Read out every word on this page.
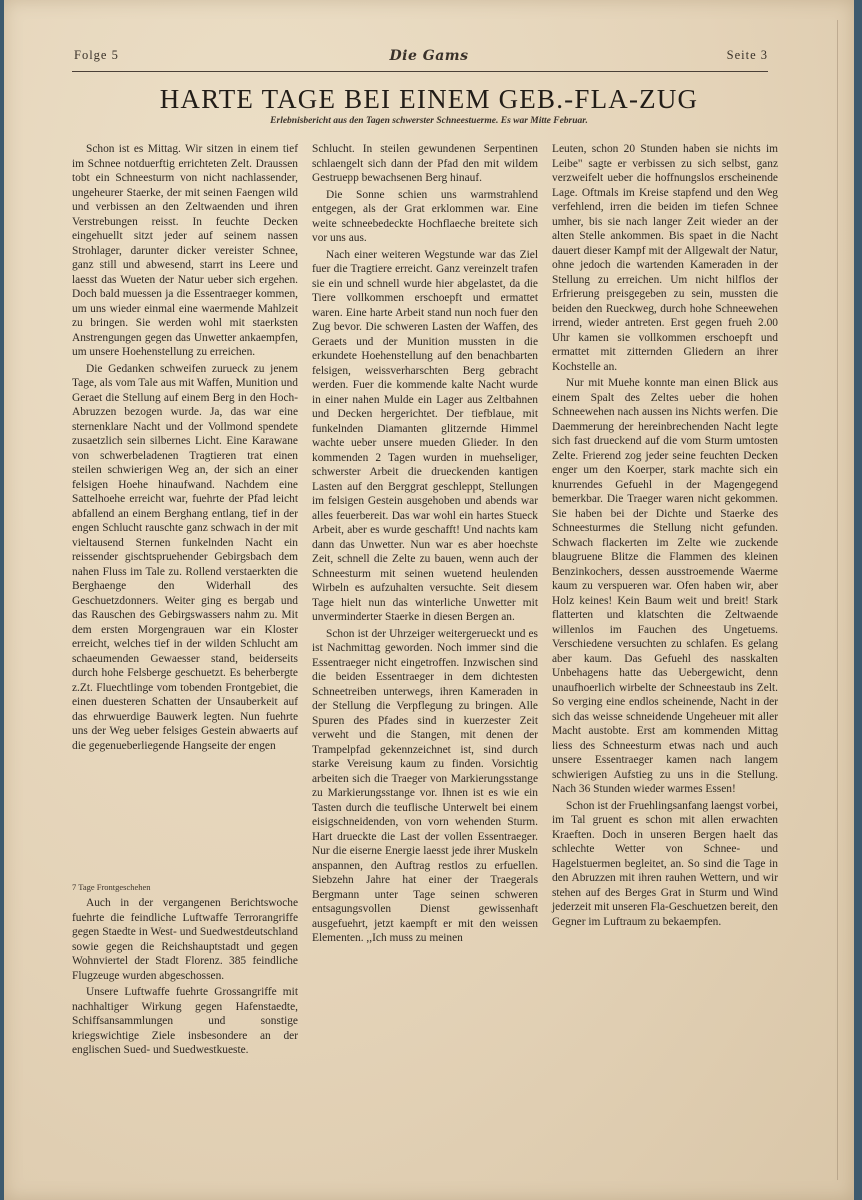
Folge 5	Die Gams	Seite 3
HARTE TAGE BEI EINEM GEB.-FLA-ZUG
Erlebnisbericht aus den Tagen schwerster Schneestuerme. Es war Mitte Februar.

Schon ist es Mittag. Wir sitzen in einem tief im Schnee notduerftig errichteten Zelt. Draussen tobt ein Schneesturm von nicht nachlassender, ungeheurer Staerke, der mit seinen Faengen wild und verbissen an den Zeltwaenden und ihren Verstrebungen reisst. In feuchte Decken eingehuellt sitzt jeder auf seinem nassen Strohlager, darunter dicker vereister Schnee, ganz still und abwesend, starrt ins Leere und laesst das Wueten der Natur ueber sich ergehen. Doch bald muessen ja die Essentraeger kommen, um uns wieder einmal eine waermende Mahlzeit zu bringen. Sie werden wohl mit staerksten Anstrengungen gegen das Unwetter ankaempfen, um unsere Hoehenstellung zu erreichen.

Die Gedanken schweifen zurueck zu jenem Tage, als vom Tale aus mit Waffen, Munition und Geraet die Stellung auf einem Berg in den Hoch-Abruzzen bezogen wurde. Ja, das war eine sternenklare Nacht und der Vollmond spendete zusaetzlich sein silbernes Licht. Eine Karawane von schwerbeladenen Tragtieren trat einen steilen schwierigen Weg an, der sich an einer felsigen Hoehe hinaufwand. Nachdem eine Sattelhoehe erreicht war, fuehrte der Pfad leicht abfallend an einem Berghang entlang, tief in der engen Schlucht rauschte ganz schwach in der mit vieltausend Sternen funkelnden Nacht ein reissender gischtspruehender Gebirgsbach dem nahen Fluss im Tale zu. Rollend verstaerkten die Berghaenge den Widerhall des Geschuetzdonners. Weiter ging es bergab und das Rauschen des Gebirgswassers nahm zu. Mit dem ersten Morgengrauen war ein Kloster erreicht, welches tief in der wilden Schlucht am schaeumenden Gewaesser stand, beiderseits durch hohe Felsberge geschuetzt. Es beherbergte z.Zt. Fluechtlinge vom tobenden Frontgebiet, die einen duesteren Schatten der Unsauberkeit auf das ehrwuerdige Bauwerk legten. Nun fuehrte uns der Weg ueber felsiges Gestein abwaerts auf die gegenueberliegende Hangseite der engen

7 Tage Frontgeschehen

Auch in der vergangenen Berichtswoche fuehrte die feindliche Luftwaffe Terrorangriffe gegen Staedte in West- und Suedwestdeutschland sowie gegen die Reichshauptstadt und gegen Wohnviertel der Stadt Florenz. 385 feindliche Flugzeuge wurden abgeschossen.

Unsere Luftwaffe fuehrte Grossangriffe mit nachhaltiger Wirkung gegen Hafenstaedte, Schiffsansammlungen und sonstige kriegswichtige Ziele insbesondere an der englischen Sued- und Suedwestkueste.

Schlucht. In steilen gewundenen Serpentinen schlaengelt sich dann der Pfad den mit wildem Gestruepp bewachsenen Berg hinauf.

Die Sonne schien uns warmstrahlend entgegen, als der Grat erklommen war. Eine weite schneebedeckte Hochflaeche breitete sich vor uns aus.

Nach einer weiteren Wegstunde war das Ziel fuer die Tragtiere erreicht. Ganz vereinzelt trafen sie ein und schnell wurde hier abgelastet, da die Tiere vollkommen erschoepft und ermattet waren. Eine harte Arbeit stand nun noch fuer den Zug bevor. Die schweren Lasten der Waffen, des Geraets und der Munition mussten in die erkundete Hoehenstellung auf den benachbarten felsigen, weissverharschten Berg gebracht werden. Fuer die kommende kalte Nacht wurde in einer nahen Mulde ein Lager aus Zeltbahnen und Decken hergerichtet. Der tiefblaue, mit funkelnden Diamanten glitzernde Himmel wachte ueber unsere mueden Glieder. In den kommenden 2 Tagen wurden in muehseliger, schwerster Arbeit die drueckenden kantigen Lasten auf den Berggrat geschleppt, Stellungen im felsigen Gestein ausgehoben und abends war alles feuerbereit. Das war wohl ein hartes Stueck Arbeit, aber es wurde geschafft! Und nachts kam dann das Unwetter. Nun war es aber hoechste Zeit, schnell die Zelte zu bauen, wenn auch der Schneesturm mit seinen wuetend heulenden Wirbeln es aufzuhalten versuchte. Seit diesem Tage hielt nun das winterliche Unwetter mit unverminderter Staerke in diesen Bergen an.

Schon ist der Uhrzeiger weitergerueckt und es ist Nachmittag geworden. Noch immer sind die Essentraeger nicht eingetroffen. Inzwischen sind die beiden Essentraeger in dem dichtesten Schneetreiben unterwegs, ihren Kameraden in der Stellung die Verpflegung zu bringen. Alle Spuren des Pfades sind in kuerzester Zeit verweht und die Stangen, mit denen der Trampelpfad gekennzeichnet ist, sind durch starke Vereisung kaum zu finden. Vorsichtig arbeiten sich die Traeger von Markierungsstange zu Markierungsstange vor. Ihnen ist es wie ein Tasten durch die teuflische Unterwelt bei einem eisigschneidenden, von vorn wehenden Sturm. Hart drueckte die Last der vollen Essentraeger. Nur die eiserne Energie laesst jede ihrer Muskeln anspannen, den Auftrag restlos zu erfuellen. Siebzehn Jahre hat einer der Traegerals Bergmann unter Tage seinen schweren entsagungsvollen Dienst gewissenhaft ausgefuehrt, jetzt kaempft er mit den weissen Elementen. ,,Ich muss zu meinen

Leuten, schon 20 Stunden haben sie nichts im Leibe" sagte er verbissen zu sich selbst, ganz verzweifelt ueber die hoffnungslos erscheinende Lage. Oftmals im Kreise stapfend und den Weg verfehlend, irren die beiden im tiefen Schnee umher, bis sie nach langer Zeit wieder an der alten Stelle ankommen. Bis spaet in die Nacht dauert dieser Kampf mit der Allgewalt der Natur, ohne jedoch die wartenden Kameraden in der Stellung zu erreichen. Um nicht hilflos der Erfrierung preisgegeben zu sein, mussten die beiden den Rueckweg, durch hohe Schneewehen irrend, wieder antreten. Erst gegen frueh 2.00 Uhr kamen sie vollkommen erschoepft und ermattet mit zitternden Gliedern an ihrer Kochstelle an.

Nur mit Muehe konnte man einen Blick aus einem Spalt des Zeltes ueber die hohen Schneewehen nach aussen ins Nichts werfen. Die Daemmerung der hereinbrechenden Nacht legte sich fast drueckend auf die vom Sturm umtosten Zelte. Frierend zog jeder seine feuchten Decken enger um den Koerper, stark machte sich ein knurrendes Gefuehl in der Magengegend bemerkbar. Die Traeger waren nicht gekommen. Sie haben bei der Dichte und Staerke des Schneesturmes die Stellung nicht gefunden. Schwach flackerten im Zelte wie zuckende blaugruene Blitze die Flammen des kleinen Benzinkochers, dessen ausstroemende Waerme kaum zu verspueren war. Ofen haben wir, aber Holz keines! Kein Baum weit und breit! Stark flatterten und klatschten die Zeltwaende willenlos im Fauchen des Ungetuems. Verschiedene versuchten zu schlafen. Es gelang aber kaum. Das Gefuehl des nasskalten Unbehagens hatte das Uebergewicht, denn unaufhoerlich wirbelte der Schneestaub ins Zelt. So verging eine endlos scheinende, Nacht in der sich das weisse schneidende Ungeheuer mit aller Macht austobte. Erst am kommenden Mittag liess des Schneesturm etwas nach und auch unsere Essentraeger kamen nach langem schwierigen Aufstieg zu uns in die Stellung. Nach 36 Stunden wieder warmes Essen!

Schon ist der Fruehlingsanfang laengst vorbei, im Tal gruent es schon mit allen erwachten Kraeften. Doch in unseren Bergen haelt das schlechte Wetter von Schnee- und Hagelstuermen begleitet, an. So sind die Tage in den Abruzzen mit ihren rauhen Wettern, und wir stehen auf des Berges Grat in Sturm und Wind jederzeit mit unseren Fla-Geschuetzen bereit, den Gegner im Luftraum zu bekaempfen.
